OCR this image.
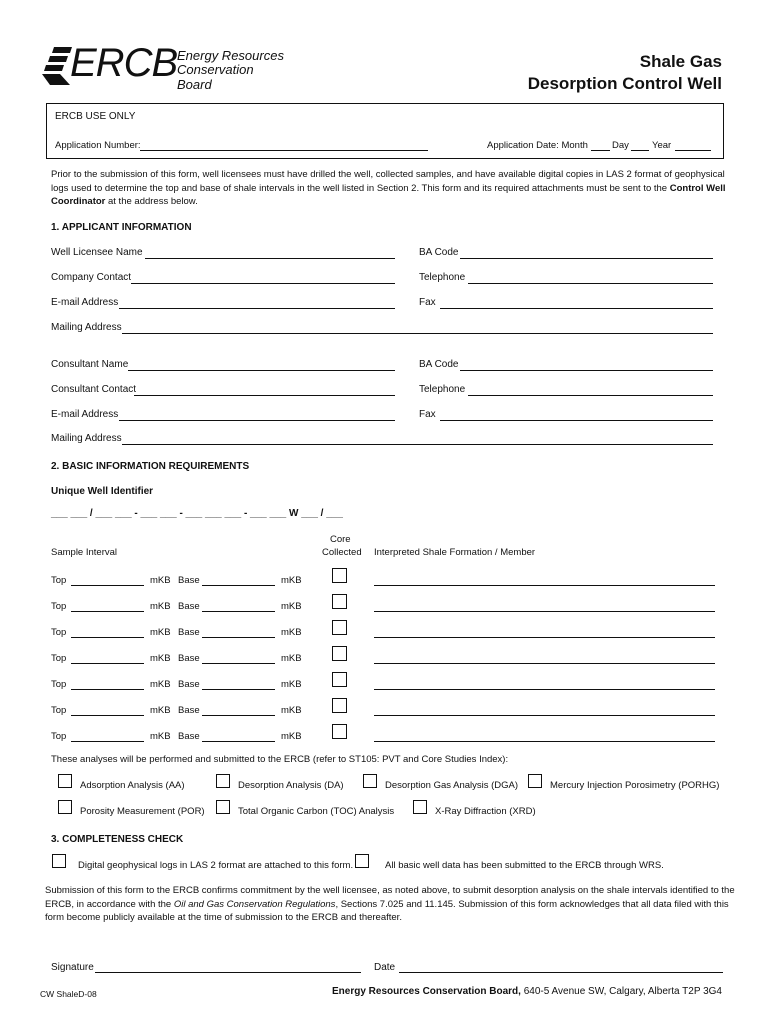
ERCB Energy Resources
Conservation Board
Shale Gas
Desorption Control Well
ERCB USE ONLY
Application Number:	Application Date: Month	Day Year
Prior to the submission of this form, well licensees must have drilled the well, collected samples, and have available digital copies in LAS 2 format of geophysical
logs used to determine the top and base of shale intervals in the well listed in Section 2. This form and its required attachments must be sent to the Control Well
Coordinator at the address below.
1. APPLICANT INFORMATION
Well Licensee Name	BA Code
Company Contact	Telephone
E-mail Address	Fax
Mailing Address
Consultant Name	BA Code
Consultant Contact	Telephone
E-mail Address	Fax
Mailing Address
2. BASIC INFORMATION REQUIREMENTS
Unique Well Identifier
___ ___ / ___ ___ - ___ ___ - ___ ___ ___ - ___ ___ W ___ / ___
Core
Collected
Sample Interval	Interpreted Shale Formation / Member
Top	mKB Base	mKB
Top	mKB Base	mKB
Top	mKB Base	mKB
Top	mKB Base	mKB
Top	mKB Base	mKB
Top	mKB Base	mKB
Top	mKB Base	mKB
These analyses will be performed and submitted to the ERCB (refer to ST105: PVT and Core Studies Index):
Adsorption Analysis (AA)	Desorption Analysis (DA)	Desorption Gas Analysis (DGA)	Mercury Injection Porosimetry (PORHG)
Porosity Measurement (POR)	Total Organic Carbon (TOC) Analysis	X-Ray Diffraction (XRD)
3. COMPLETENESS CHECK
Digital geophysical logs in LAS 2 format are attached to this form.	All basic well data has been submitted to the ERCB through WRS.
Submission of this form to the ERCB confirms commitment by the well licensee, as noted above, to submit desorption analysis on the shale intervals identified to the
ERCB, in accordance with the Oil and Gas Conservation Regulations, Sections 7.025 and 11.145. Submission of this form acknowledges that all data filed with this
form become publicly available at the time of submission to the ERCB and thereafter.
Signature	Date
CW ShaleD-08	Energy Resources Conservation Board, 640-5 Avenue SW, Calgary, Alberta T2P 3G4
